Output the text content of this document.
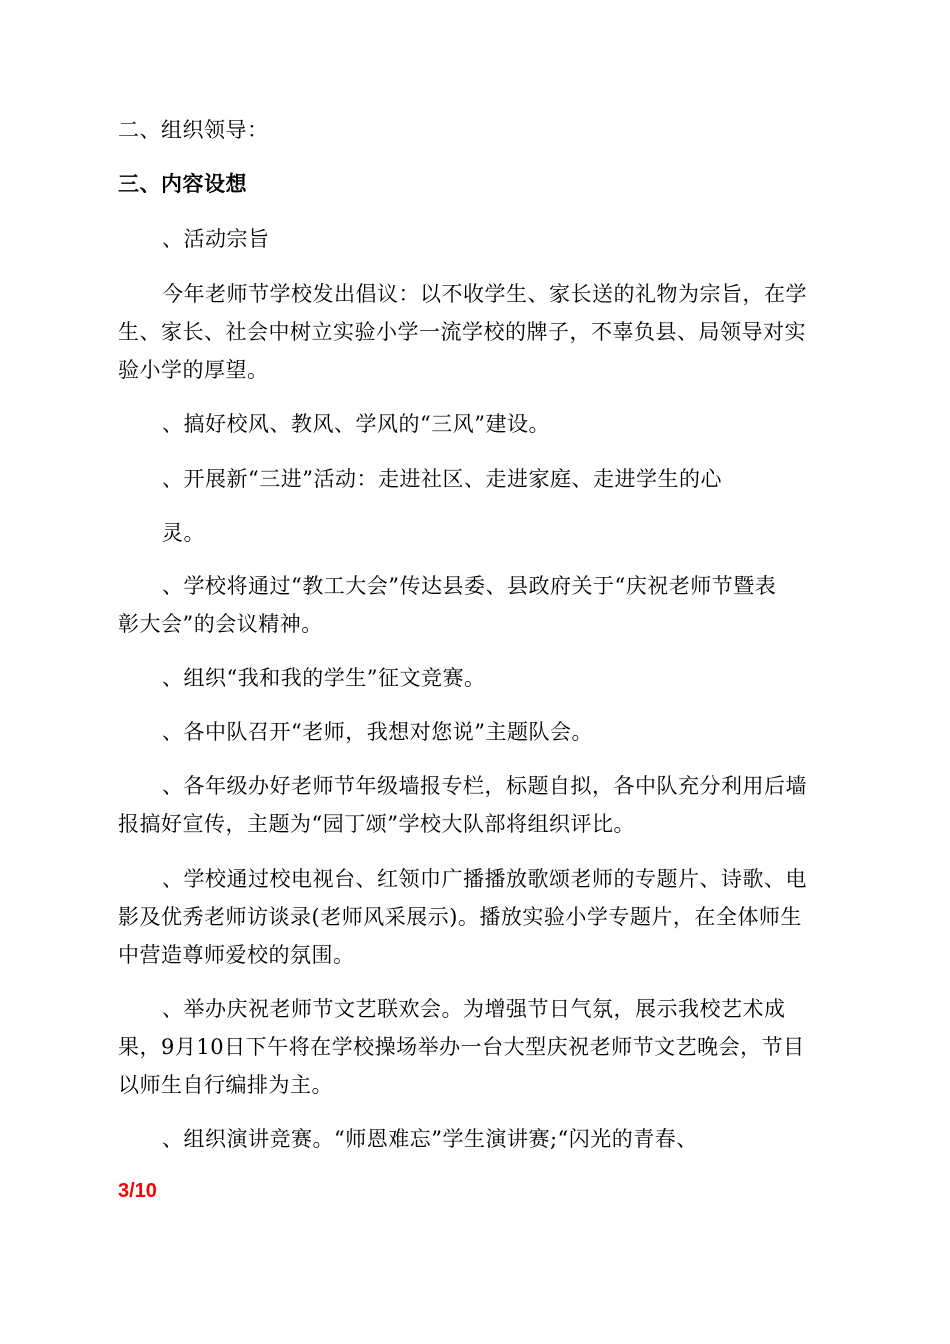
二、组织领导：
三、内容设想
、活动宗旨
今年老师节学校发出倡议：以不收学生、家长送的礼物为宗旨，在学
生、家长、社会中树立实验小学一流学校的牌子，不辜负县、局领导对实
验小学的厚望。
、搞好校风、教风、学风的“三风”建设。
、开展新“三进”活动：走进社区、走进家庭、走进学生的心
灵。
、学校将通过“教工大会”传达县委、县政府关于“庆祝老师节暨表
彰大会”的会议精神。
、组织“我和我的学生”征文竞赛。
、各中队召开“老师，我想对您说”主题队会。
、各年级办好老师节年级墙报专栏，标题自拟，各中队充分利用后墙
报搞好宣传，主题为“园丁颂”学校大队部将组织评比。
、学校通过校电视台、红领巾广播播放歌颂老师的专题片、诗歌、电
影及优秀老师访谈录(老师风采展示)。播放实验小学专题片，在全体师生
中营造尊师爱校的氛围。
、举办庆祝老师节文艺联欢会。为增强节日气氛，展示我校艺术成
果，9月10日下午将在学校操场举办一台大型庆祝老师节文艺晚会，节目
以师生自行编排为主。
、组织演讲竞赛。“师恩难忘”学生演讲赛;“闪光的青春、
3/10
